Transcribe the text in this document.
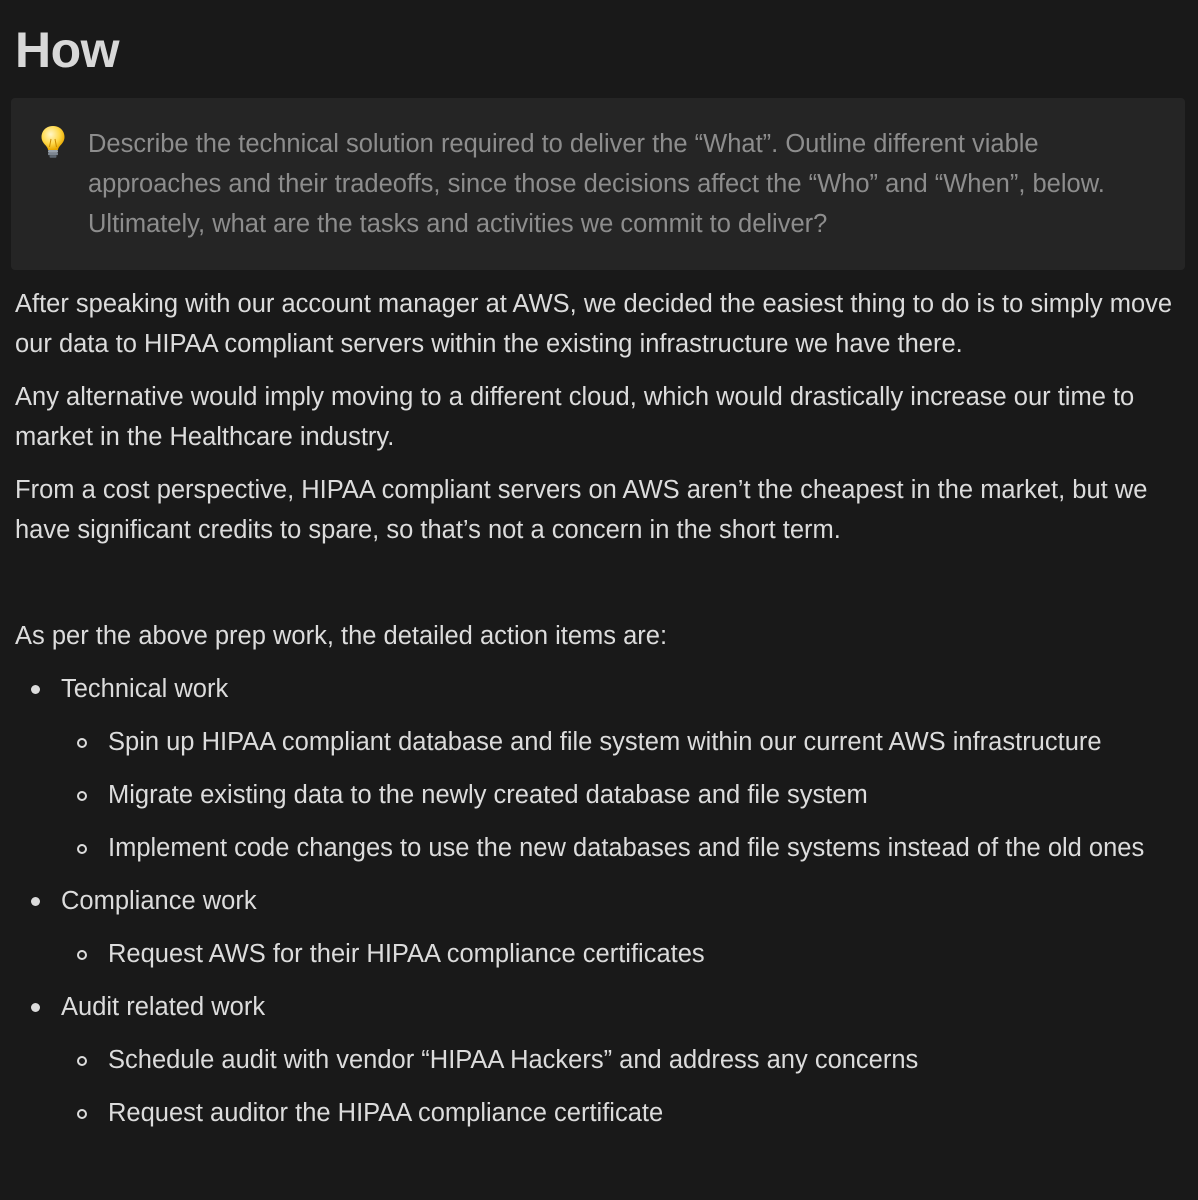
How
Describe the technical solution required to deliver the “What”. Outline different viable approaches and their tradeoffs, since those decisions affect the “Who” and “When”, below. Ultimately, what are the tasks and activities we commit to deliver?

After speaking with our account manager at AWS, we decided the easiest thing to do is to simply move our data to HIPAA compliant servers within the existing infrastructure we have there.

Any alternative would imply moving to a different cloud, which would drastically increase our time to market in the Healthcare industry.

From a cost perspective, HIPAA compliant servers on AWS aren’t the cheapest in the market, but we have significant credits to spare, so that’s not a concern in the short term.

As per the above prep work, the detailed action items are:

Technical work
Spin up HIPAA compliant database and file system within our current AWS infrastructure
Migrate existing data to the newly created database and file system
Implement code changes to use the new databases and file systems instead of the old ones
Compliance work
Request AWS for their HIPAA compliance certificates
Audit related work
Schedule audit with vendor “HIPAA Hackers” and address any concerns
Request auditor the HIPAA compliance certificate
